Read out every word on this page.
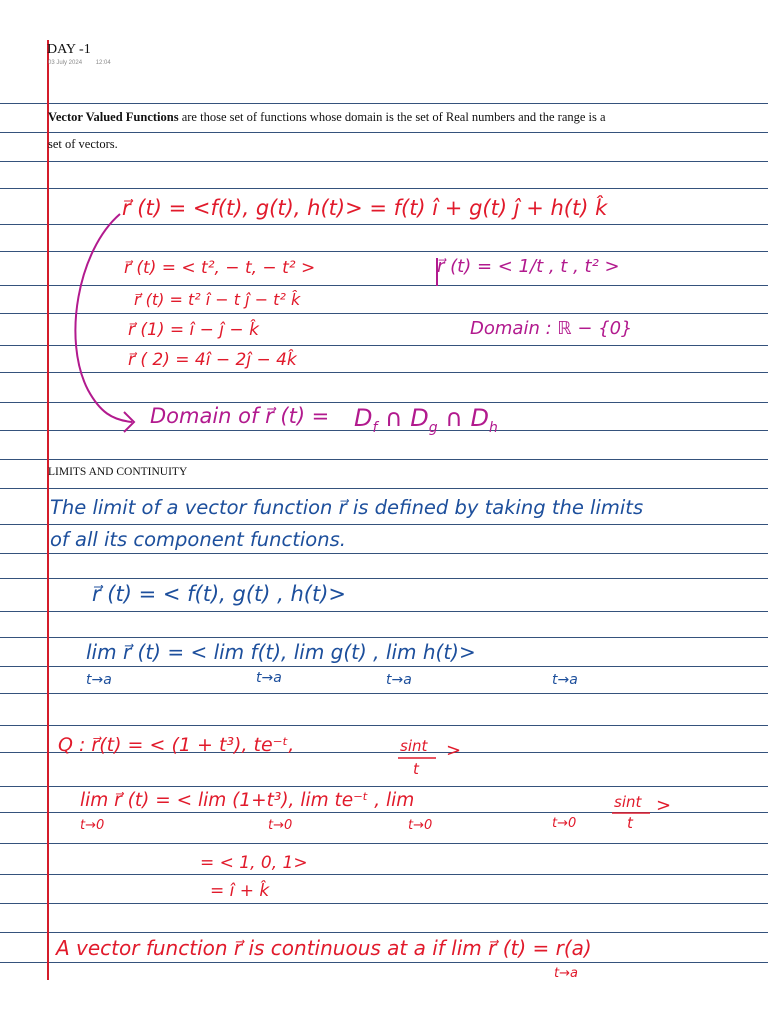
DAY -1
03 July 2024 12:04
Vector Valued Functions are those set of functions whose domain is the set of Real numbers and the range is a
set of vectors.
r⃗ (t) = <f(t), g(t), h(t)> = f(t) î + g(t) ĵ + h(t) k̂
r⃗ (t) = < t², − t, − t² >	r⃗ (t) = < 1/t , t , t² >
r⃗ (t) = t² î − t ĵ − t² k̂
r⃗ (1) = î − ĵ − k̂	Domain : ℝ − {0}
r⃗ ( 2) = 4î − 2ĵ − 4k̂
Domain of r⃗ $(t) = D_f$ ∩ $D_g$ ∩ $D_h$
LIMITS AND CONTINUITY
The limit of a vector function r⃗ is defined by taking the limits
of all its component functions.
r⃗ (t) = < f(t), g(t) , h(t)>
lim r⃗ (t) = < lim f(t), lim g(t) , lim h(t)>
t→a	t→a	t→a	t→a
Q : r⃗(t) = < (1 + t³), te⁻ᵗ,	sint
t
>
lim r⃗ (t) = < lim (1+t³), lim te⁻ᵗ , lim	sint
t
>
t→0	t→0	t→0	t→0
= < 1, 0, 1>
= î + k̂
A vector function r⃗ is continuous at a if lim r⃗ (t) = r(a)
t→a
